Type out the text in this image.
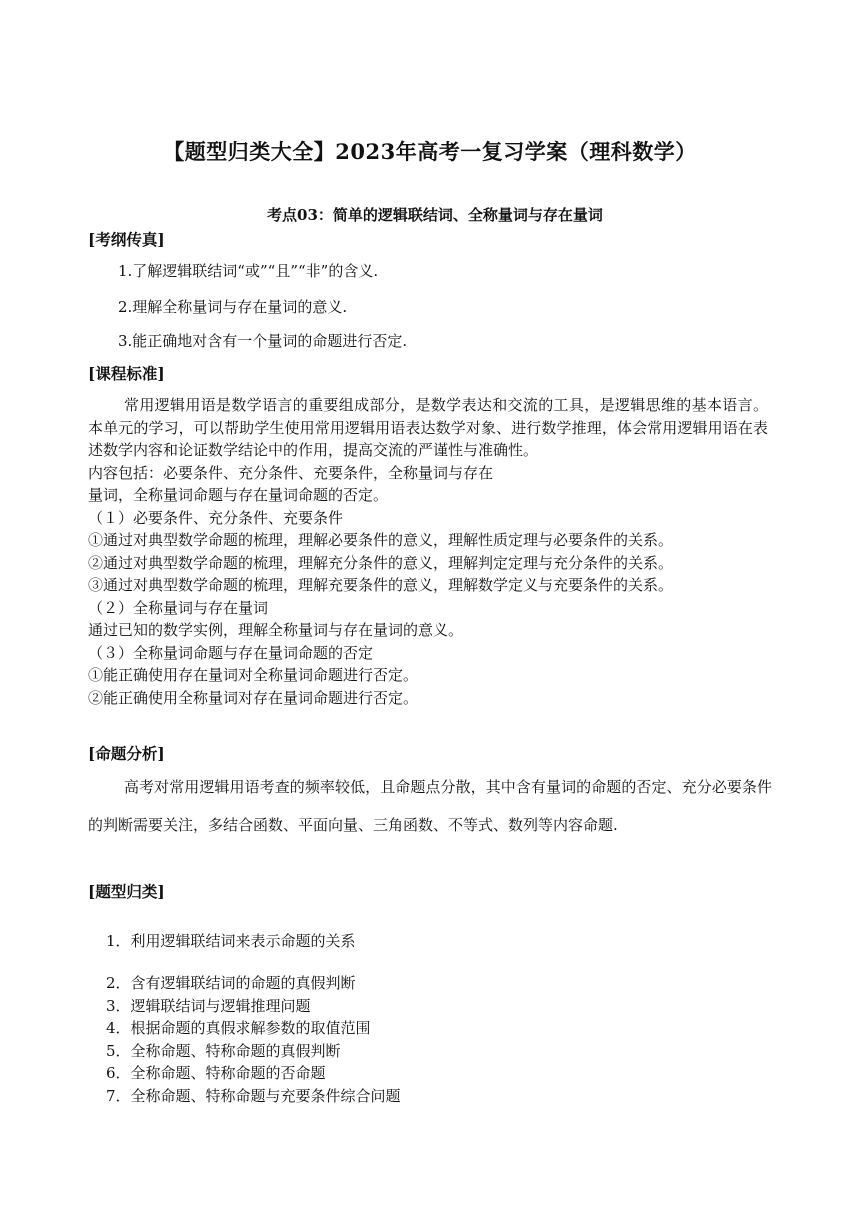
【题型归类大全】2023年高考一复习学案（理科数学）
考点03：简单的逻辑联结词、全称量词与存在量词
[考纲传真]
1.了解逻辑联结词“或”“且”“非”的含义.
2.理解全称量词与存在量词的意义.
3.能正确地对含有一个量词的命题进行否定.
[课程标准]

常用逻辑用语是数学语言的重要组成部分，是数学表达和交流的工具，是逻辑思维的基本语言。本单元的学习，可以帮助学生使用常用逻辑用语表达数学对象、进行数学推理，体会常用逻辑用语在表述数学内容和论证数学结论中的作用，提高交流的严谨性与准确性。

内容包括：必要条件、充分条件、充要条件，全称量词与存在

量词，全称量词命题与存在量词命题的否定。

（１）必要条件、充分条件、充要条件

①通过对典型数学命题的梳理，理解必要条件的意义，理解性质定理与必要条件的关系。

②通过对典型数学命题的梳理，理解充分条件的意义，理解判定定理与充分条件的关系。

③通过对典型数学命题的梳理，理解充要条件的意义，理解数学定义与充要条件的关系。

（２）全称量词与存在量词

通过已知的数学实例，理解全称量词与存在量词的意义。

（３）全称量词命题与存在量词命题的否定

①能正确使用存在量词对全称量词命题进行否定。

②能正确使用全称量词对存在量词命题进行否定。

[命题分析]
高考对常用逻辑用语考查的频率较低，且命题点分散，其中含有量词的命题的否定、充分必要条件的判断需要关注，多结合函数、平面向量、三角函数、不等式、数列等内容命题.
[题型归类]
1．利用逻辑联结词来表示命题的关系
2．含有逻辑联结词的命题的真假判断
3．逻辑联结词与逻辑推理问题
4．根据命题的真假求解参数的取值范围
5．全称命题、特称命题的真假判断
6．全称命题、特称命题的否命题
7．全称命题、特称命题与充要条件综合问题
